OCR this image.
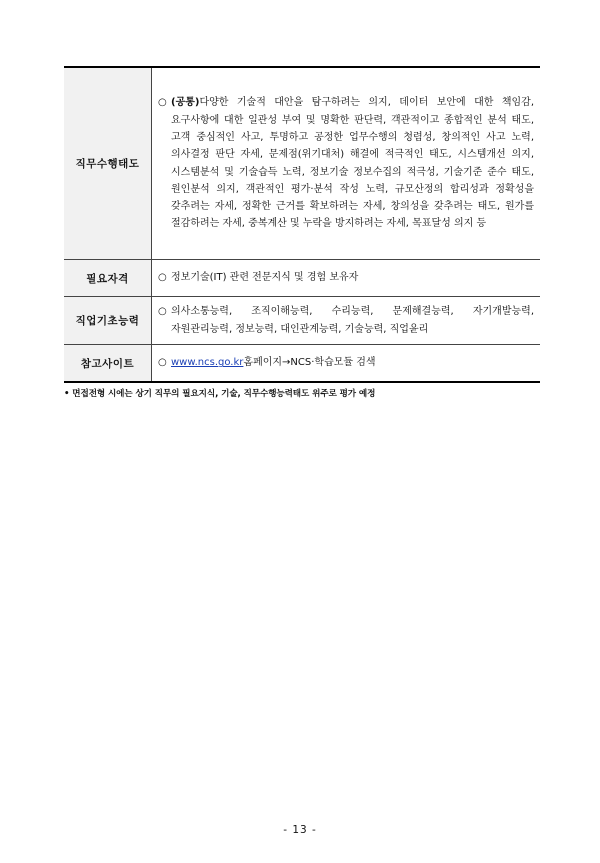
직무수행태도	○ (공통)다양한 기술적 대안을 탐구하려는 의지, 데이터 보안에 대한 책임감, 요구사항에 대한 일관성 부여 및 명확한 판단력, 객관적이고 종합적인 분석 태도, 고객 중심적인 사고, 투명하고 공정한 업무수행의 청렴성, 창의적인 사고 노력, 의사결정 판단 자세, 문제점(위기대처) 해결에 적극적인 태도, 시스템개선 의지, 시스템분석 및 기술습득 노력, 정보기술 정보수집의 적극성, 기술기준 준수 태도, 원인분석 의지, 객관적인 평가·분석 작성 노력, 규모산정의 합리성과 정확성을 갖추려는 자세, 정확한 근거를 확보하려는 자세, 창의성을 갖추려는 태도, 원가를 절감하려는 자세, 중복계산 및 누락을 방지하려는 자세, 목표달성 의지 등

필요자격	○ 정보기술(IT) 관련 전문지식 및 경험 보유자

직업기초능력	○ 의사소통능력, 조직이해능력, 수리능력, 문제해결능력, 자기개발능력, 자원관리능력, 정보능력, 대인관계능력, 기술능력, 직업윤리

참고사이트	○ www.ncs.go.kr홈페이지→NCS·학습모듈 검색
• 면접전형 시에는 상기 직무의 필요지식, 기술, 직무수행능력태도 위주로 평가 예정
- 13 -
